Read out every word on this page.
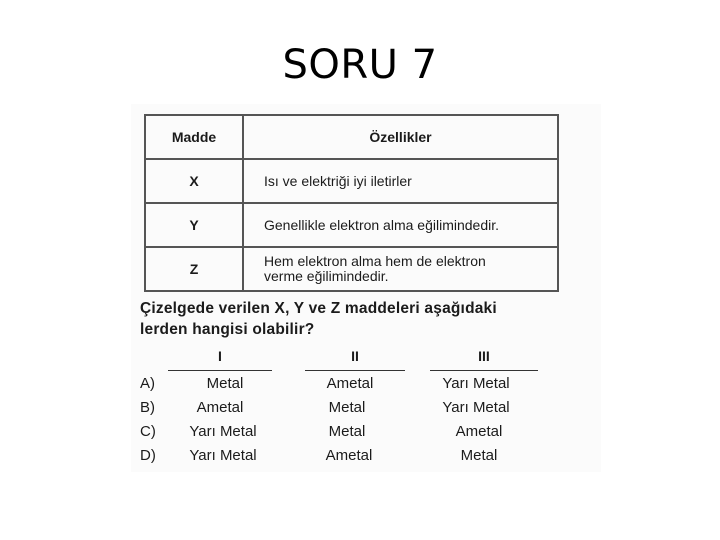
SORU 7
Madde	Özellikler
X	Isı ve elektriği iyi iletirler
Y	Genellikle elektron alma eğilimindedir.
Z	Hem elektron alma hem de elektron
verme eğilimindedir.
Çizelgede verilen X, Y ve Z maddeleri aşağıdaki
lerden hangisi olabilir?
I	II	III
A)	Metal	Ametal	Yarı Metal
B)	Ametal	Metal	Yarı Metal
C)	Yarı Metal	Metal	Ametal
D)	Yarı Metal	Ametal	Metal
